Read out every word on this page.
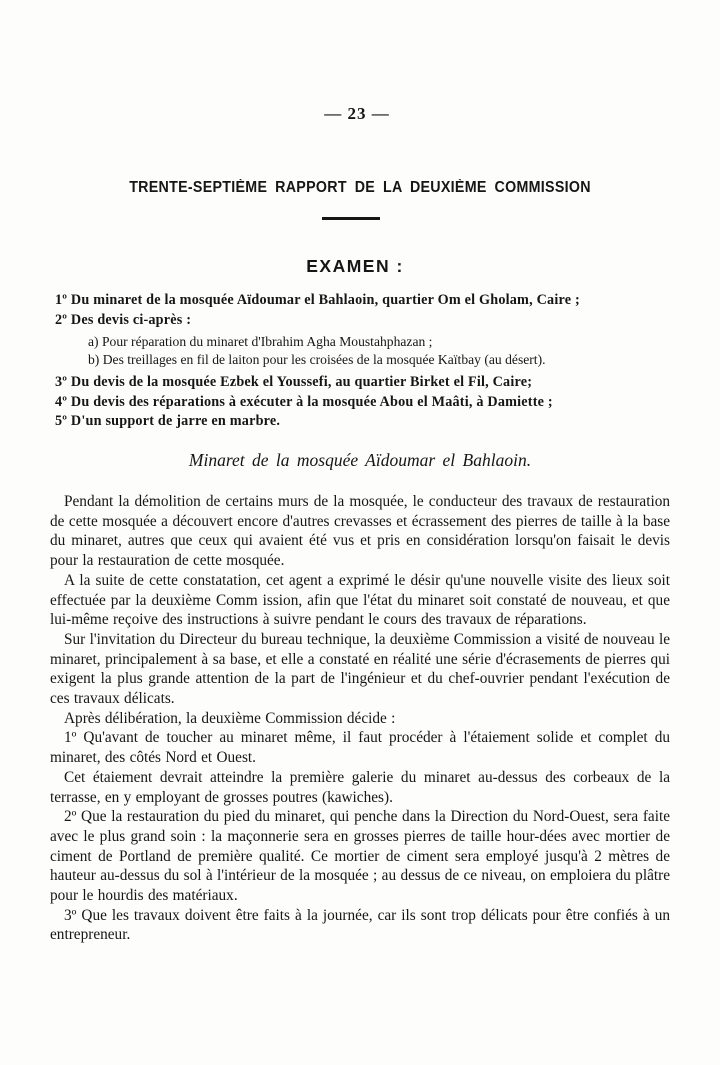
— 23 —
TRENTE-SEPTIÈME RAPPORT DE LA DEUXIÈME COMMISSION
EXAMEN :
1º Du minaret de la mosquée Aïdoumar el Bahlaoin, quartier Om el Gholam, Caire ;
2º Des devis ci-après :
a) Pour réparation du minaret d'Ibrahim Agha Moustahphazan ;
b) Des treillages en fil de laiton pour les croisées de la mosquée Kaïtbay (au désert).
3º Du devis de la mosquée Ezbek el Youssefi, au quartier Birket el Fil, Caire;
4º Du devis des réparations à exécuter à la mosquée Abou el Maâti, à Damiette ;
5º D'un support de jarre en marbre.
Minaret de la mosquée Aïdoumar el Bahlaoin.

Pendant la démolition de certains murs de la mosquée, le conducteur des travaux de restauration de cette mosquée a découvert encore d'autres crevasses et écrassement des pierres de taille à la base du minaret, autres que ceux qui avaient été vus et pris en considération lorsqu'on faisait le devis pour la restauration de cette mosquée.

A la suite de cette constatation, cet agent a exprimé le désir qu'une nouvelle visite des lieux soit effectuée par la deuxième Comm ission, afin que l'état du minaret soit constaté de nouveau, et que lui-même reçoive des instructions à suivre pendant le cours des travaux de réparations.

Sur l'invitation du Directeur du bureau technique, la deuxième Commission a visité de nouveau le minaret, principalement à sa base, et elle a constaté en réalité une série d'écrasements de pierres qui exigent la plus grande attention de la part de l'ingénieur et du chef-ouvrier pendant l'exécution de ces travaux délicats.

Après délibération, la deuxième Commission décide :

1º Qu'avant de toucher au minaret même, il faut procéder à l'étaiement solide et complet du minaret, des côtés Nord et Ouest.

Cet étaiement devrait atteindre la première galerie du minaret au-dessus des corbeaux de la terrasse, en y employant de grosses poutres (kawiches).

2º Que la restauration du pied du minaret, qui penche dans la Direction du Nord-Ouest, sera faite avec le plus grand soin : la maçonnerie sera en grosses pierres de taille hour-dées avec mortier de ciment de Portland de première qualité. Ce mortier de ciment sera employé jusqu'à 2 mètres de hauteur au-dessus du sol à l'intérieur de la mosquée ; au dessus de ce niveau, on emploiera du plâtre pour le hourdis des matériaux.

3º Que les travaux doivent être faits à la journée, car ils sont trop délicats pour être confiés à un entrepreneur.
